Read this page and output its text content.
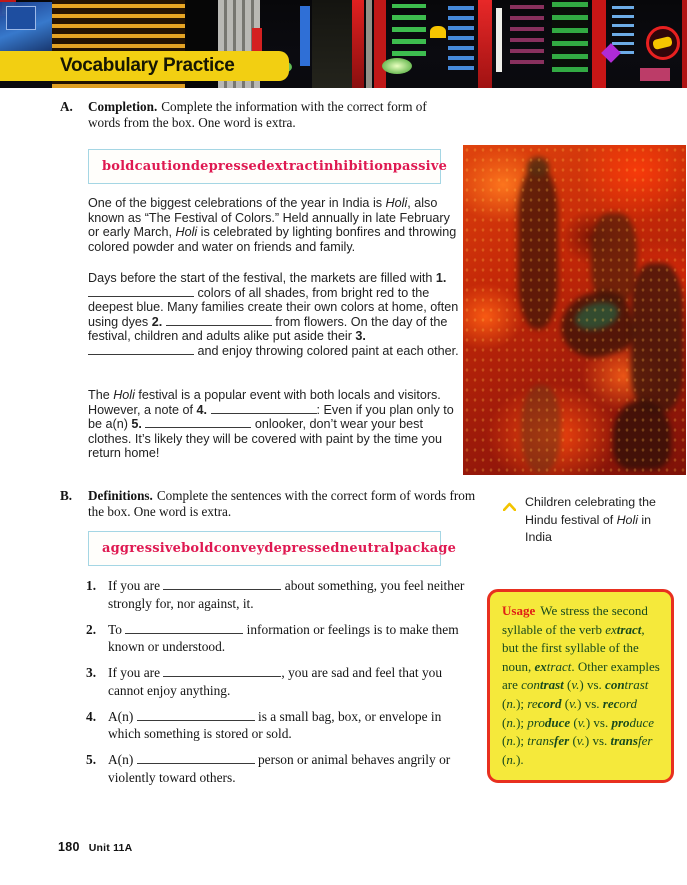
Vocabulary Practice
A. Completion. Complete the information with the correct form of words from the box. One word is extra.
bold caution depressed extract inhibition passive
One of the biggest celebrations of the year in India is Holi, also known as “The Festival of Colors.” Held annually in late February or early March, Holi is celebrated by lighting bonfires and throwing colored powder and water on friends and family.
Days before the start of the festival, the markets are filled with 1.  colors of all shades, from bright red to the deepest blue. Many families create their own colors at home, often using dyes 2.	from flowers. On the day of the festival, children and adults alike put aside their 3.  and enjoy throwing colored paint at each other.
The Holi festival is a popular event with both locals and visitors. However, a note of 4.	: Even if you plan only to be a(n) 5.	onlooker, don’t wear your best clothes. It’s likely they will be covered with paint by the time you return home!
B. Definitions. Complete the sentences with the correct form of words from the box. One word is extra.
aggressive bold convey depressed neutral package
1. If you are	about something, you feel neither strongly for, nor against, it.
2. To	information or feelings is to make them known or understood.
3. If you are	, you are sad and feel that you cannot enjoy anything.
4. A(n)	is a small bag, box, or envelope in which something is stored or sold.
5. A(n)	person or animal behaves angrily or violently toward others.
Children celebrating the Hindu festival of Holi in India
Usage We stress the second syllable of the verb extract, but the first syllable of the noun, extract. Other examples are contrast (v.) vs. contrast (n.); record (v.) vs. record (n.); produce (v.) vs. produce (n.); transfer (v.) vs. transfer (n.).
180 Unit 11A
